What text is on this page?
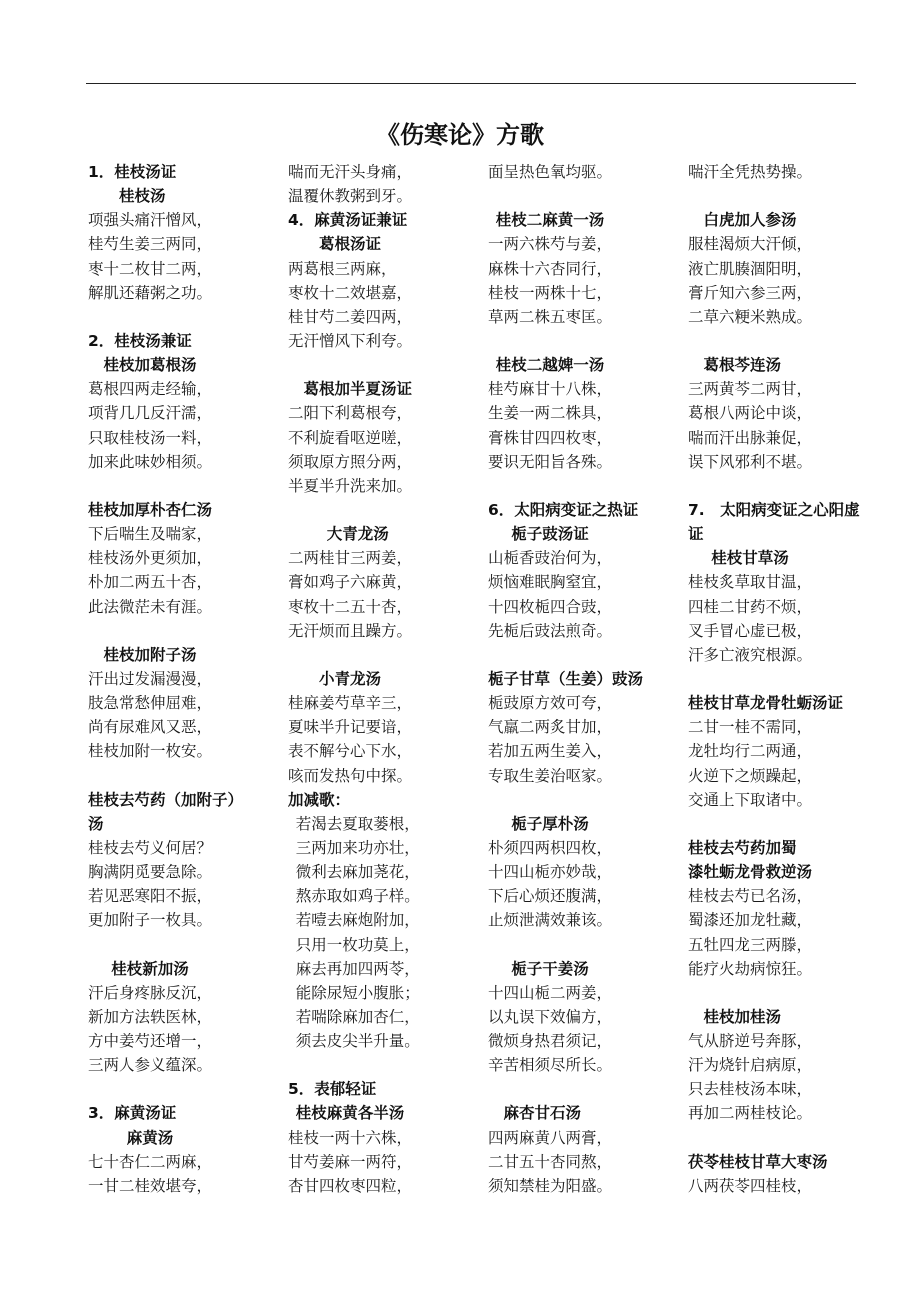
《伤寒论》方歌
1．桂枝汤证
桂枝汤
项强头痛汗憎风，
桂芍生姜三两同，
枣十二枚甘二两，
解肌还藉粥之功。
2．桂枝汤兼证
桂枝加葛根汤
葛根四两走经输，
项背几几反汗濡，
只取桂枝汤一料，
加来此味妙相须。
桂枝加厚朴杏仁汤
下后喘生及喘家，
桂枝汤外更须加，
朴加二两五十杏，
此法微茫未有涯。
桂枝加附子汤
汗出过发漏漫漫，
肢急常愁伸屈难，
尚有尿难风又恶，
桂枝加附一枚安。
桂枝去芍药（加附子）
汤
桂枝去芍义何居？
胸满阴觅要急除。
若见恶寒阳不振，
更加附子一枚具。
桂枝新加汤
汗后身疼脉反沉，
新加方法轶医林，
方中姜芍还增一，
三两人参义蕴深。
3．麻黄汤证
麻黄汤
七十杏仁二两麻，
一甘二桂效堪夸，
喘而无汗头身痛，
温覆休教粥到牙。
4．麻黄汤证兼证
葛根汤证
两葛根三两麻，
枣枚十二效堪嘉，
桂甘芍二姜四两，
无汗憎风下利夸。
葛根加半夏汤证
二阳下利葛根夸，
不利旋看呕逆嗟，
须取原方照分两，
半夏半升洗来加。
大青龙汤
二两桂甘三两姜，
膏如鸡子六麻黄，
枣枚十二五十杏，
无汗烦而且躁方。
小青龙汤
桂麻姜芍草辛三，
夏味半升记要谙，
表不解兮心下水，
咳而发热句中探。
加减歌：
若渴去夏取蒌根，
三两加来功亦壮，
微利去麻加荛花，
熬赤取如鸡子样。
若噎去麻炮附加，
只用一枚功莫上，
麻去再加四两苓，
能除尿短小腹胀；
若喘除麻加杏仁，
须去皮尖半升量。
5．表郁轻证
桂枝麻黄各半汤
桂枝一两十六株，
甘芍姜麻一两符，
杏甘四枚枣四粒，
面呈热色氧均驱。
桂枝二麻黄一汤
一两六株芍与姜，
麻株十六杏同行，
桂枝一两株十七，
草两二株五枣匡。
桂枝二越婢一汤
桂芍麻甘十八株，
生姜一两二株具，
膏株甘四四枚枣，
要识无阳旨各殊。
6．太阳病变证之热证
栀子豉汤证
山栀香豉治何为，
烦恼难眠胸窒宜，
十四枚栀四合豉，
先栀后豉法煎奇。
栀子甘草（生姜）豉汤
栀豉原方效可夸，
气羸二两炙甘加，
若加五两生姜入，
专取生姜治呕家。
栀子厚朴汤
朴须四两枳四枚，
十四山栀亦妙哉，
下后心烦还腹满，
止烦泄满效兼该。
栀子干姜汤
十四山栀二两姜，
以丸误下效偏方，
微烦身热君须记，
辛苦相须尽所长。
麻杏甘石汤
四两麻黄八两膏，
二甘五十杏同熬，
须知禁桂为阳盛。
喘汗全凭热势操。
白虎加人参汤
服桂渴烦大汗倾，
液亡肌腠涸阳明，
膏斤知六参三两，
二草六粳米熟成。
葛根芩连汤
三两黄芩二两甘，
葛根八两论中谈，
喘而汗出脉兼促，
误下风邪利不堪。
7.　太阳病变证之心阳虚
证
桂枝甘草汤
桂枝炙草取甘温，
四桂二甘药不烦，
叉手冒心虚已极，
汗多亡液究根源。
桂枝甘草龙骨牡蛎汤证
二甘一桂不需同，
龙牡均行二两通，
火逆下之烦躁起，
交通上下取诸中。
桂枝去芍药加蜀
漆牡蛎龙骨救逆汤
桂枝去芍已名汤，
蜀漆还加龙牡藏，
五牡四龙三两滕，
能疗火劫病惊狂。
桂枝加桂汤
气从脐逆号奔豚，
汗为烧针启病原，
只去桂枝汤本味，
再加二两桂枝论。
茯苓桂枝甘草大枣汤
八两茯苓四桂枝，
